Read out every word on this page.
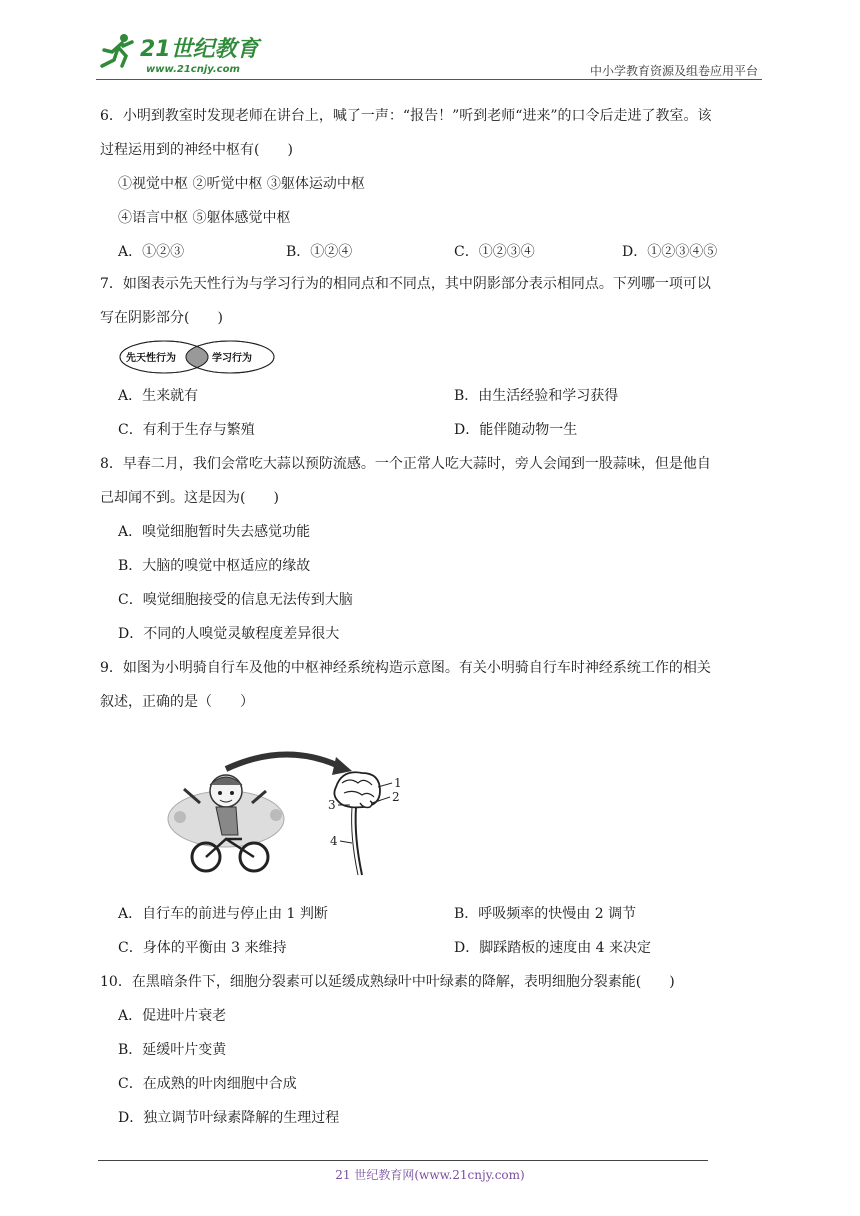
21世纪教育
www.21cnjy.com	中小学教育资源及组卷应用平台
6．小明到教室时发现老师在讲台上，喊了一声：“报告！”听到老师“进来”的口令后走进了教室。该
过程运用到的神经中枢有(　　)
①视觉中枢 ②听觉中枢 ③躯体运动中枢
④语言中枢 ⑤躯体感觉中枢
A．①②③	B．①②④	C．①②③④	D．①②③④⑤
7．如图表示先天性行为与学习行为的相同点和不同点，其中阴影部分表示相同点。下列哪一项可以
写在阴影部分(　　)
先天性行为	学习行为
A．生来就有	B．由生活经验和学习获得
C．有利于生存与繁殖	D．能伴随动物一生
8．早春二月，我们会常吃大蒜以预防流感。一个正常人吃大蒜时，旁人会闻到一股蒜味，但是他自
己却闻不到。这是因为(　　)
A．嗅觉细胞暂时失去感觉功能
B．大脑的嗅觉中枢适应的缘故
C．嗅觉细胞接受的信息无法传到大脑
D．不同的人嗅觉灵敏程度差异很大
9．如图为小明骑自行车及他的中枢神经系统构造示意图。有关小明骑自行车时神经系统工作的相关
叙述，正确的是（　　）
1
2
3
4
A．自行车的前进与停止由 1 判断	B．呼吸频率的快慢由 2 调节
C．身体的平衡由 3 来维持	D．脚踩踏板的速度由 4 来决定
10．在黑暗条件下，细胞分裂素可以延缓成熟绿叶中叶绿素的降解，表明细胞分裂素能(　　)
A．促进叶片衰老
B．延缓叶片变黄
C．在成熟的叶肉细胞中合成
D．独立调节叶绿素降解的生理过程
21 世纪教育网(www.21cnjy.com)
